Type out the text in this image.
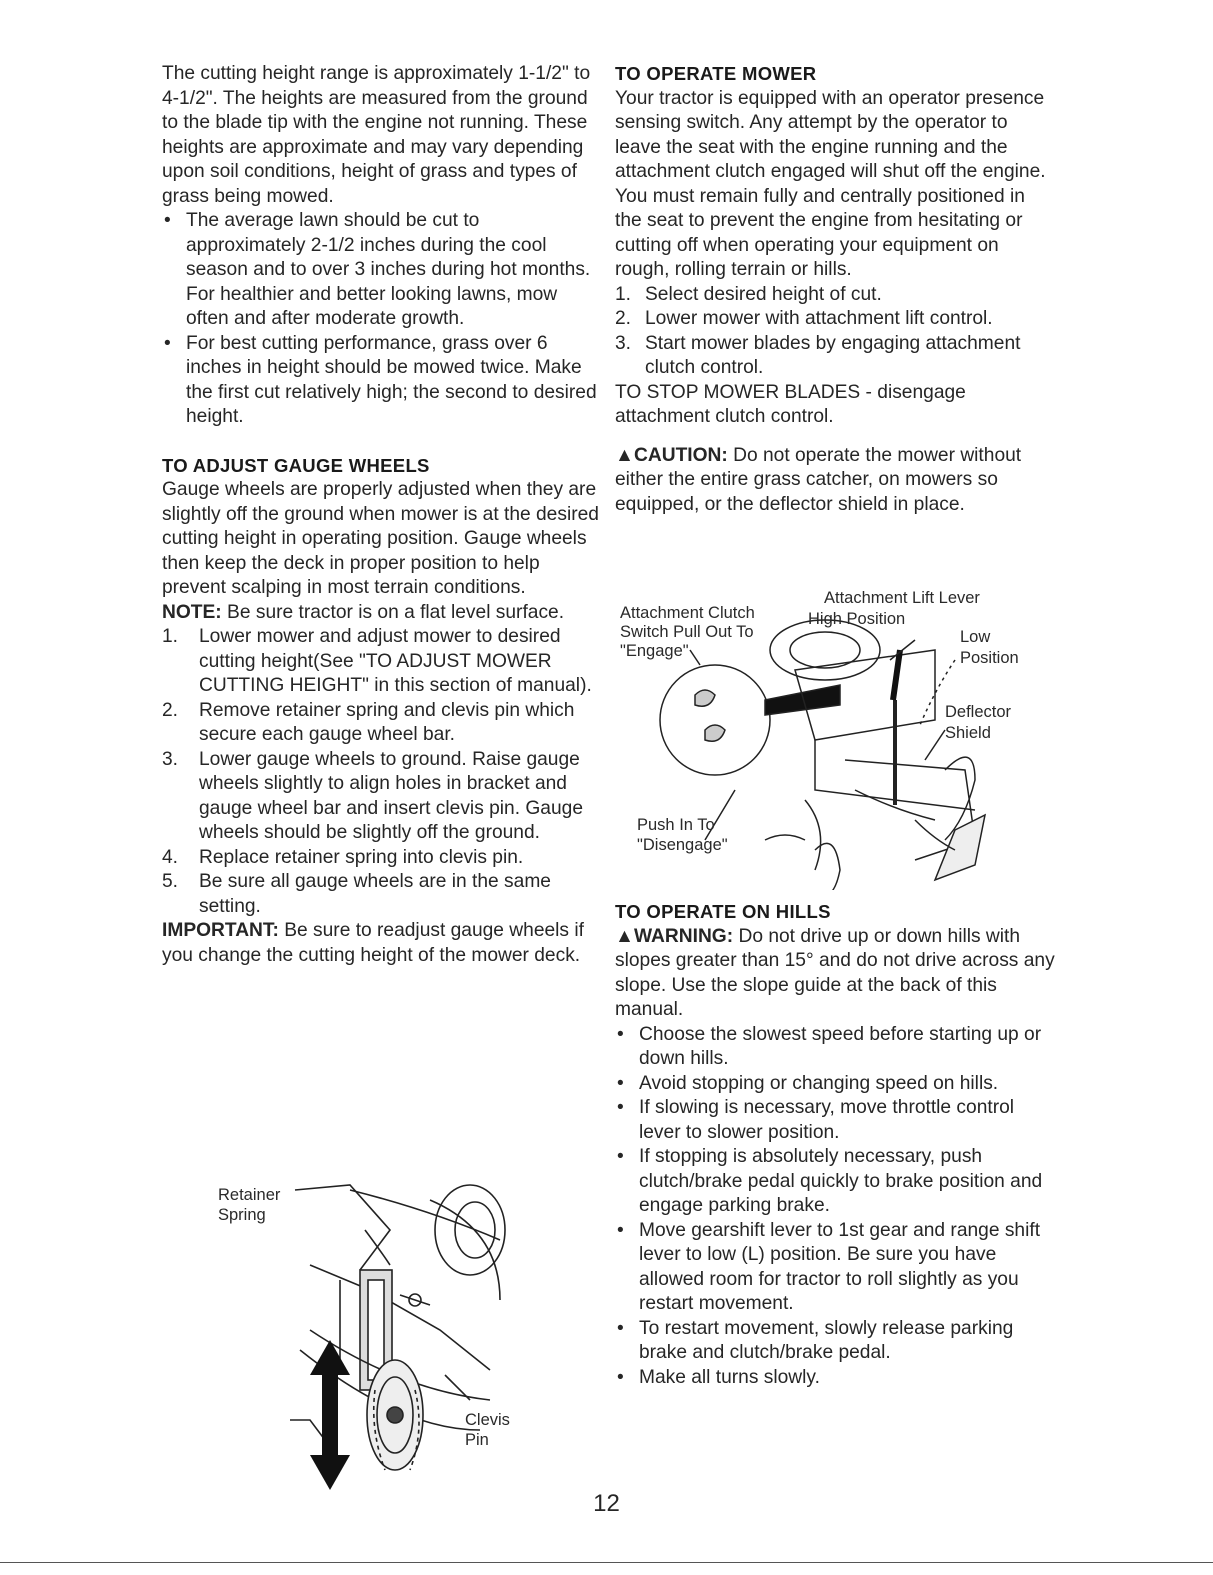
The cutting height range is approximately 1-1/2" to 4-1/2". The heights are measured from the ground to the blade tip with the engine not running. These heights are approximate and may vary depending upon soil conditions, height of grass and types of grass being mowed.

• The average lawn should be cut to approximately 2-1/2 inches during the cool season and to over 3 inches during hot months. For healthier and better looking lawns, mow often and after moderate growth.
• For best cutting performance, grass over 6 inches in height should be mowed twice. Make the first cut relatively high; the second to desired height.

TO ADJUST GAUGE WHEELS

Gauge wheels are properly adjusted when they are slightly off the ground when mower is at the desired cutting height in operating position. Gauge wheels then keep the deck in proper position to help prevent scalping in most terrain conditions.

NOTE: Be sure tractor is on a flat level surface.

1. Lower mower and adjust mower to desired cutting height(See "TO ADJUST MOWER CUTTING HEIGHT" in this section of manual).
2. Remove retainer spring and clevis pin which secure each gauge wheel bar.
3. Lower gauge wheels to ground. Raise gauge wheels slightly to align holes in bracket and gauge wheel bar and insert clevis pin. Gauge wheels should be slightly off the ground.
4. Replace retainer spring into clevis pin.
5. Be sure all gauge wheels are in the same setting.

IMPORTANT: Be sure to readjust gauge wheels if you change the cutting height of the mower deck.

Retainer
Spring
Clevis
Pin

TO OPERATE MOWER

Your tractor is equipped with an operator presence sensing switch. Any attempt by the operator to leave the seat with the engine running and the attachment clutch engaged will shut off the engine. You must remain fully and centrally positioned in the seat to prevent the engine from hesitating or cutting off when operating your equipment on rough, rolling terrain or hills.

1. Select desired height of cut.
2. Lower mower with attachment lift control.
3. Start mower blades by engaging attachment clutch control.

TO STOP MOWER BLADES - disengage attachment clutch control.

▲CAUTION: Do not operate the mower without either the entire grass catcher, on mowers so equipped, or the deflector shield in place.

Attachment Lift Lever
Attachment Clutch
Switch Pull Out To
"Engage"
High Position
Low
Position
Deflector
Shield
Push In To
"Disengage"

TO OPERATE ON HILLS

▲WARNING: Do not drive up or down hills with slopes greater than 15° and do not drive across any slope. Use the slope guide at the back of this manual.

• Choose the slowest speed before starting up or down hills.
• Avoid stopping or changing speed on hills.
• If slowing is necessary, move throttle control lever to slower position.
• If stopping is absolutely necessary, push clutch/brake pedal quickly to brake position and engage parking brake.
• Move gearshift lever to 1st gear and range shift lever to low (L) position. Be sure you have allowed room for tractor to roll slightly as you restart movement.
• To restart movement, slowly release parking brake and clutch/brake pedal.
• Make all turns slowly.
12
